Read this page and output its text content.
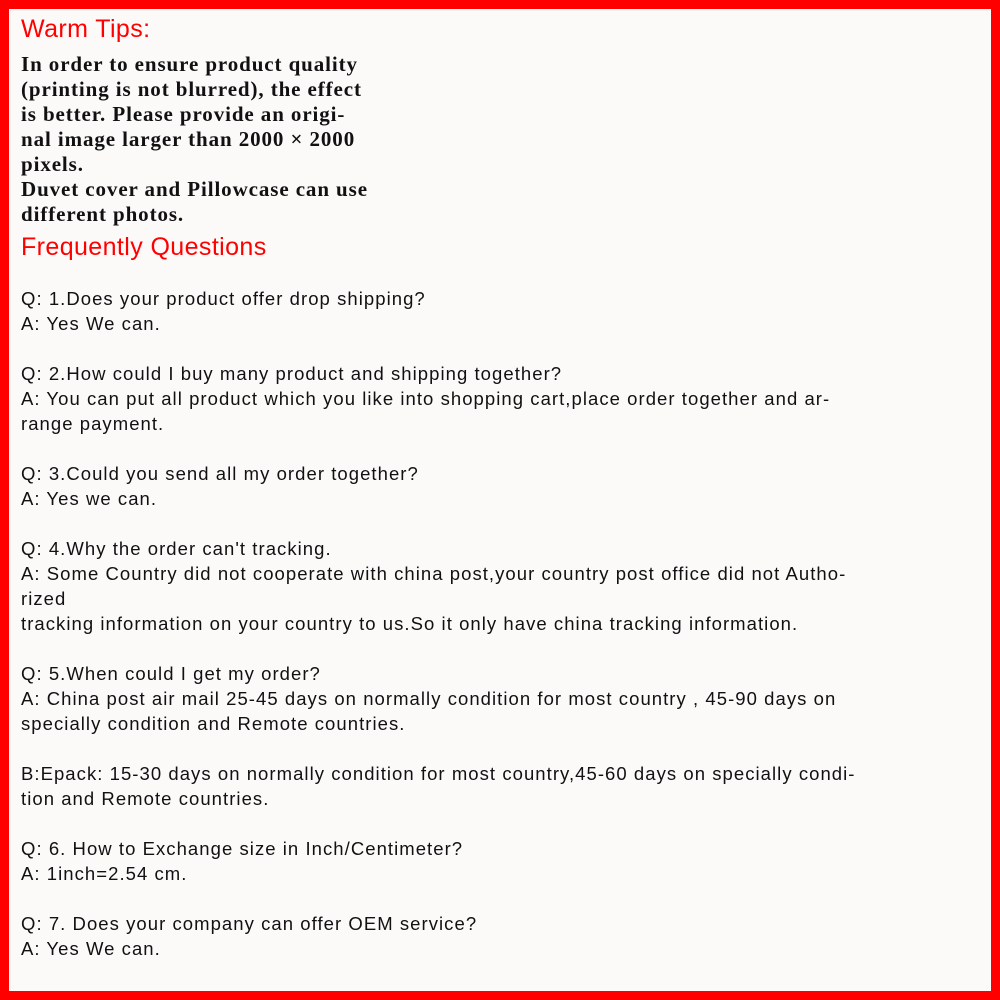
Warm Tips:

In order to ensure product quality

(printing is not blurred), the effect

is better. Please provide an origi-

nal image larger than 2000 × 2000

pixels.

Duvet cover and Pillowcase can use

different photos.

Frequently Questions

Q: 1.Does your product offer drop shipping?

A: Yes We can.

Q: 2.How could I buy many product and shipping together?

A: You can put all product which you like into shopping cart,place order together and ar-

range payment.

Q: 3.Could you send all my order together?

A: Yes we can.

Q: 4.Why the order can't tracking.

A: Some Country did not cooperate with china post,your country post office did not Autho-

rized

tracking information on your country to us.So it only have china tracking information.

Q: 5.When could I get my order?

A: China post air mail 25-45 days on normally condition for most country , 45-90 days on

specially condition and Remote countries.

B:Epack: 15-30 days on normally condition for most country,45-60 days on specially condi-

tion and Remote countries.

Q: 6. How to Exchange size in Inch/Centimeter?

A: 1inch=2.54 cm.

Q: 7. Does your company can offer OEM service?

A: Yes We can.
